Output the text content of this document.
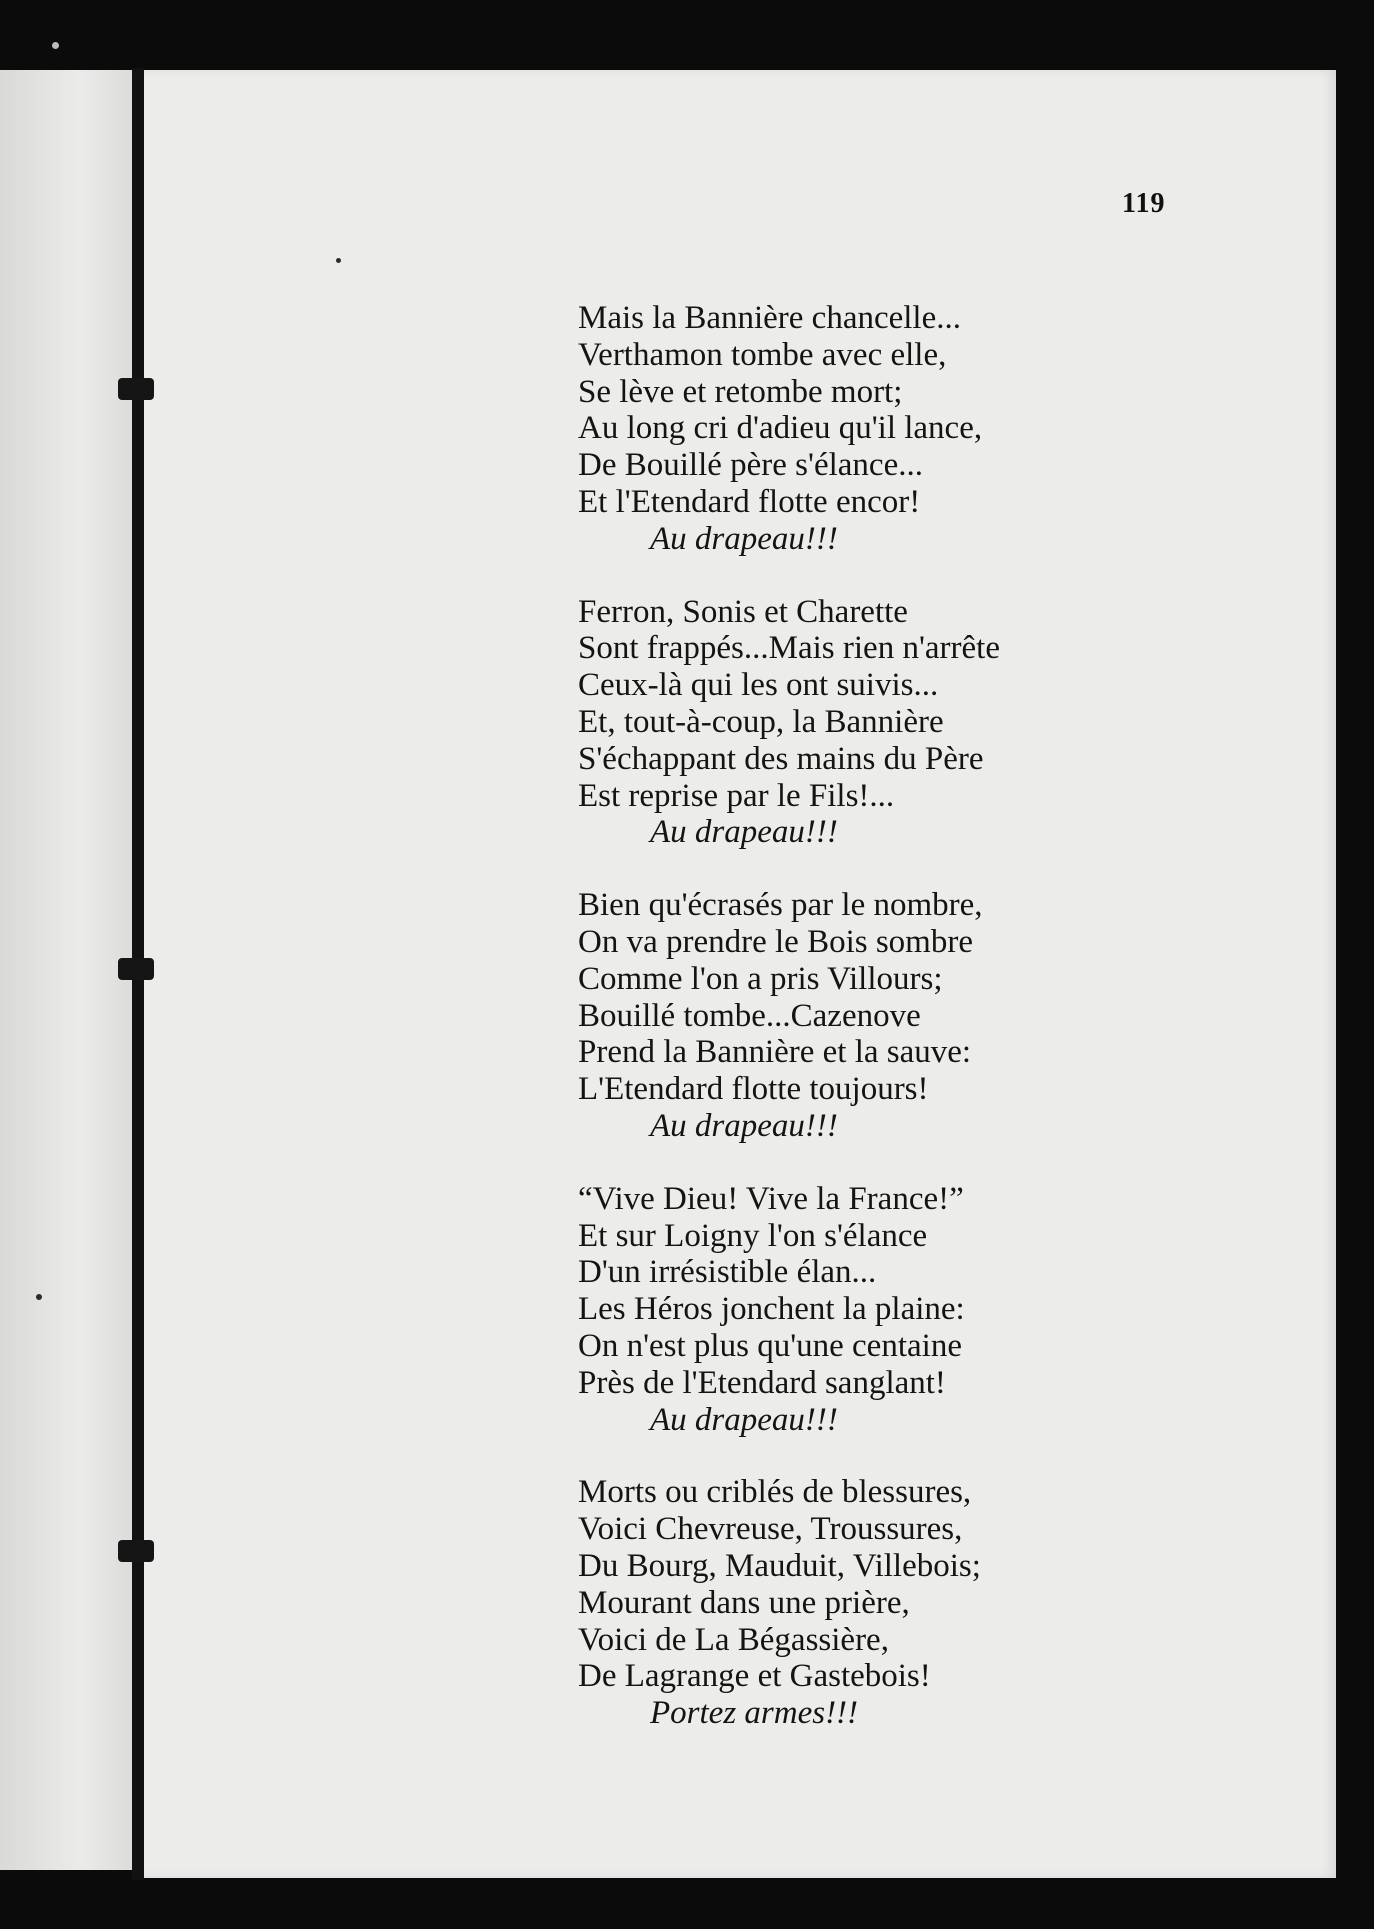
119
Mais la Bannière chancelle...
Verthamon tombe avec elle,
Se lève et retombe mort;
Au long cri d'adieu qu'il lance,
De Bouillé père s'élance...
Et l'Etendard flotte encor!
Au drapeau!!!
Ferron, Sonis et Charette
Sont frappés...Mais rien n'arrête
Ceux-là qui les ont suivis...
Et, tout-à-coup, la Bannière
S'échappant des mains du Père
Est reprise par le Fils!...
Au drapeau!!!
Bien qu'écrasés par le nombre,
On va prendre le Bois sombre
Comme l'on a pris Villours;
Bouillé tombe...Cazenove
Prend la Bannière et la sauve:
L'Etendard flotte toujours!
Au drapeau!!!
“Vive Dieu! Vive la France!”
Et sur Loigny l'on s'élance
D'un irrésistible élan...
Les Héros jonchent la plaine:
On n'est plus qu'une centaine
Près de l'Etendard sanglant!
Au drapeau!!!
Morts ou criblés de blessures,
Voici Chevreuse, Troussures,
Du Bourg, Mauduit, Villebois;
Mourant dans une prière,
Voici de La Bégassière,
De Lagrange et Gastebois!
Portez armes!!!
